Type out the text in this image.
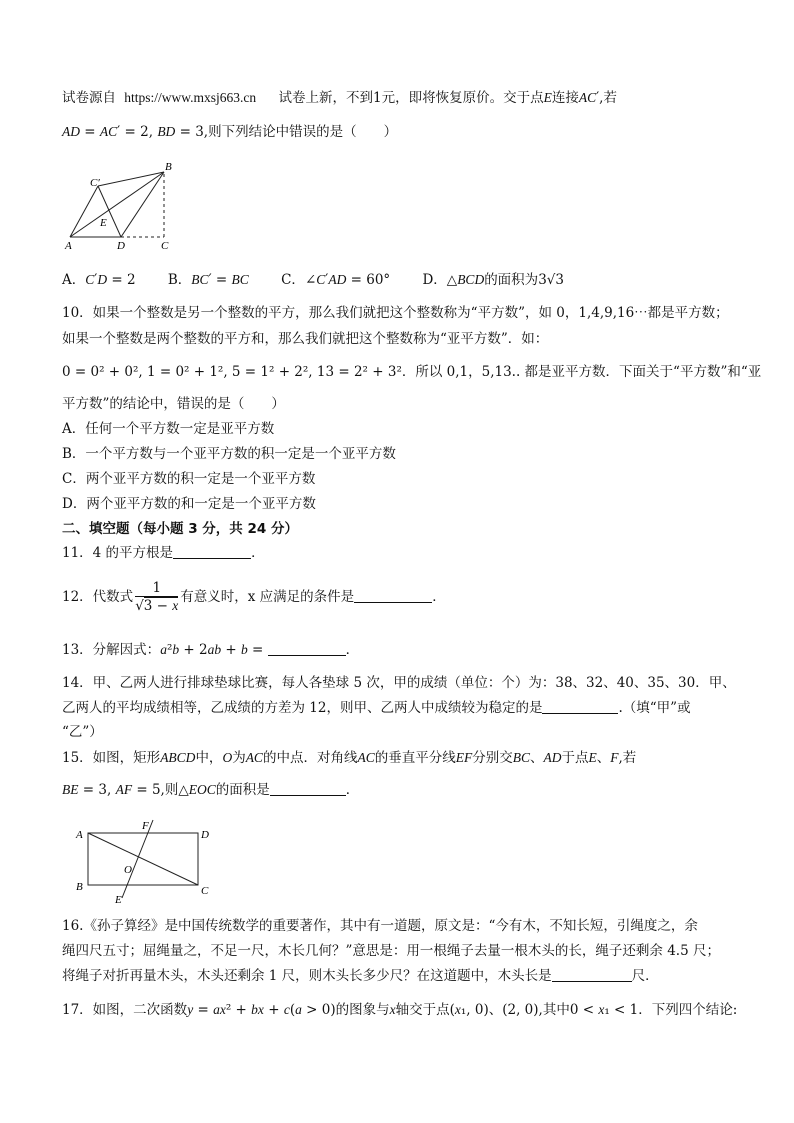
试卷源自 https://www.mxsj663.cn 试卷上新，不到1元，即将恢复原价。交于点E连接AC′,若
AD = AC′ = 2, BD = 3,则下列结论中错误的是（　　）
B
C′
E
A	D	C
A．C′D = 2 B．BC′ = BC C．∠C′AD = 60° D．△BCD的面积为3√3
10．如果一个整数是另一个整数的平方，那么我们就把这个整数称为“平方数”，如 0，1,4,9,16⋯都是平方数；
如果一个整数是两个整数的平方和，那么我们就把这个整数称为“亚平方数”．如：
0 = 0² + 0², 1 = 0² + 1², 5 = 1² + 2², 13 = 2² + 3²．所以 0,1，5,13.. 都是亚平方数．下面关于“平方数”和“亚
平方数”的结论中，错误的是（　　）
A．任何一个平方数一定是亚平方数
B．一个平方数与一个亚平方数的积一定是一个亚平方数
C．两个亚平方数的积一定是一个亚平方数
D．两个亚平方数的和一定是一个亚平方数
二、填空题（每小题 3 分，共 24 分）
11．4 的平方根是	．
12．代数式 $\frac{1}{√3 - x}$ 有意义时，x 应满足的条件是	．
13．分解因式：a²b + 2ab + b =	．
14．甲、乙两人进行排球垫球比赛，每人各垫球 5 次，甲的成绩（单位：个）为：38、32、40、35、30．甲、
乙两人的平均成绩相等，乙成绩的方差为 12，则甲、乙两人中成绩较为稳定的是	.（填“甲”或
“乙”）
15．如图，矩形ABCD中，O为AC的中点．对角线AC的垂直平分线EF分别交BC、AD于点E、F,若
BE = 3, AF = 5,则△EOC的面积是	．
F
D
A
O
B
E
C
16.《孙子算经》是中国传统数学的重要著作，其中有一道题，原文是：“今有木，不知长短，引绳度之，余
绳四尺五寸；屈绳量之，不足一尺，木长几何？”意思是：用一根绳子去量一根木头的长，绳子还剩余 4.5 尺；
将绳子对折再量木头，木头还剩余 1 尺，则木头长多少尺？在这道题中，木头长是	尺．
17．如图，二次函数y = ax² + bx + c(a > 0)的图象与x轴交于点(x₁, 0)、(2, 0),其中0 < x₁ < 1．下列四个结论:
